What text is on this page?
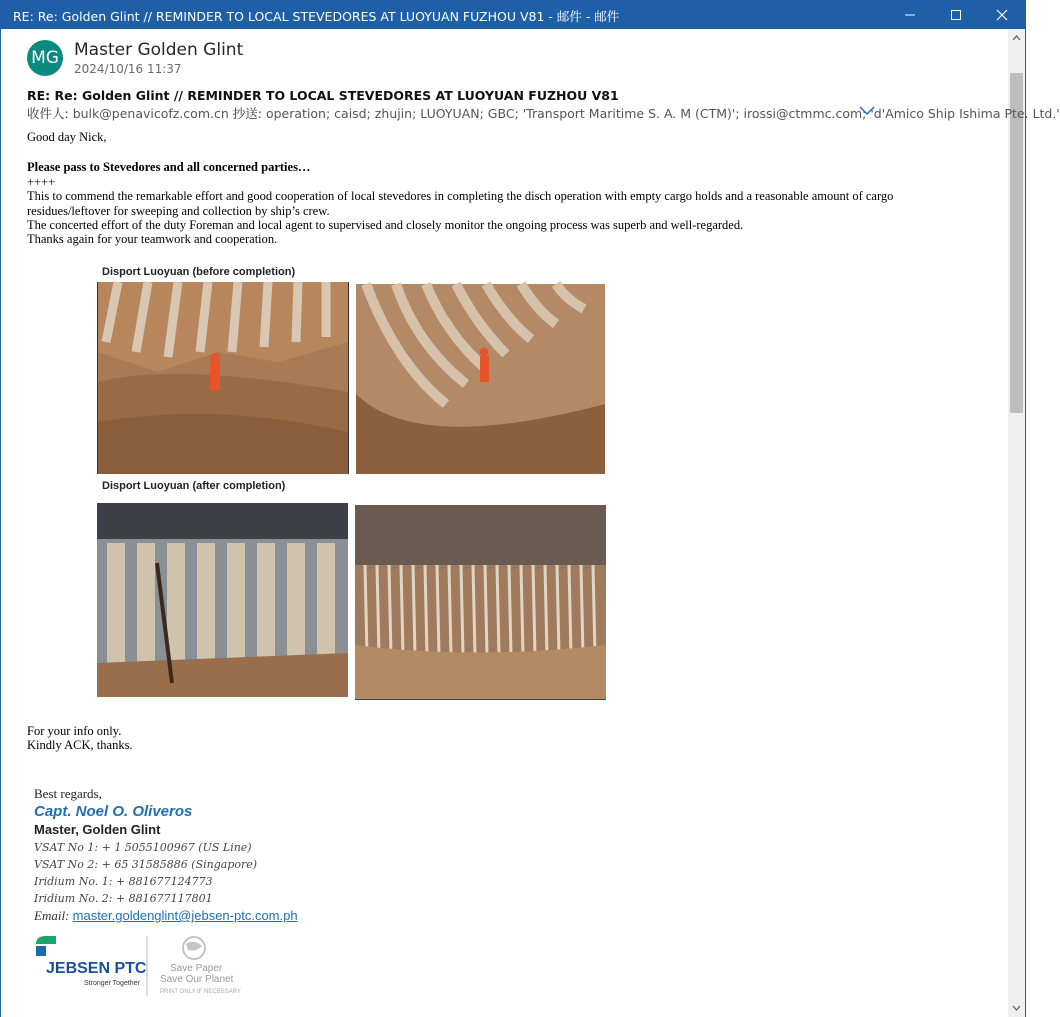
RE: Re: Golden Glint // REMINDER TO LOCAL STEVEDORES AT LUOYUAN FUZHOU V81 - 邮件 - 邮件
MG Master Golden Glint
2024/10/16 11:37
RE: Re: Golden Glint // REMINDER TO LOCAL STEVEDORES AT LUOYUAN FUZHOU V81
收件人: bulk@penavicofz.com.cn 抄送: operation; caisd; zhujin; LUOYUAN; GBC; 'Transport Maritime S. A. M (CTM)'; irossi@ctmmc.com; 'd'Amico Ship Ishima Pte. Ltd.'

Good day Nick,

Please pass to Stevedores and all concerned parties…

++++

This to commend the remarkable effort and good cooperation of local stevedores in completing the disch operation with empty cargo holds and a reasonable amount of cargo residues/leftover for sweeping and collection by ship’s crew.

The concerted effort of the duty Foreman and local agent to supervised and closely monitor the ongoing process was superb and well-regarded.

Thanks again for your teamwork and cooperation.

Disport Luoyuan (before completion)
Disport Luoyuan (after completion)

For your info only.

Kindly ACK, thanks.

Best regards,
Capt. Noel O. Oliveros
Master, Golden Glint
VSAT No 1: + 1 5055100967 (US Line)
VSAT No 2: + 65 31585886 (Singapore)
Iridium No. 1: + 881677124773
Iridium No. 2: + 881677117801
Email: master.goldenglint@jebsen-ptc.com.ph
JEBSEN PTC
Stronger Together
Save Paper
Save Our Planet
PRINT ONLY IF NECESSARY
